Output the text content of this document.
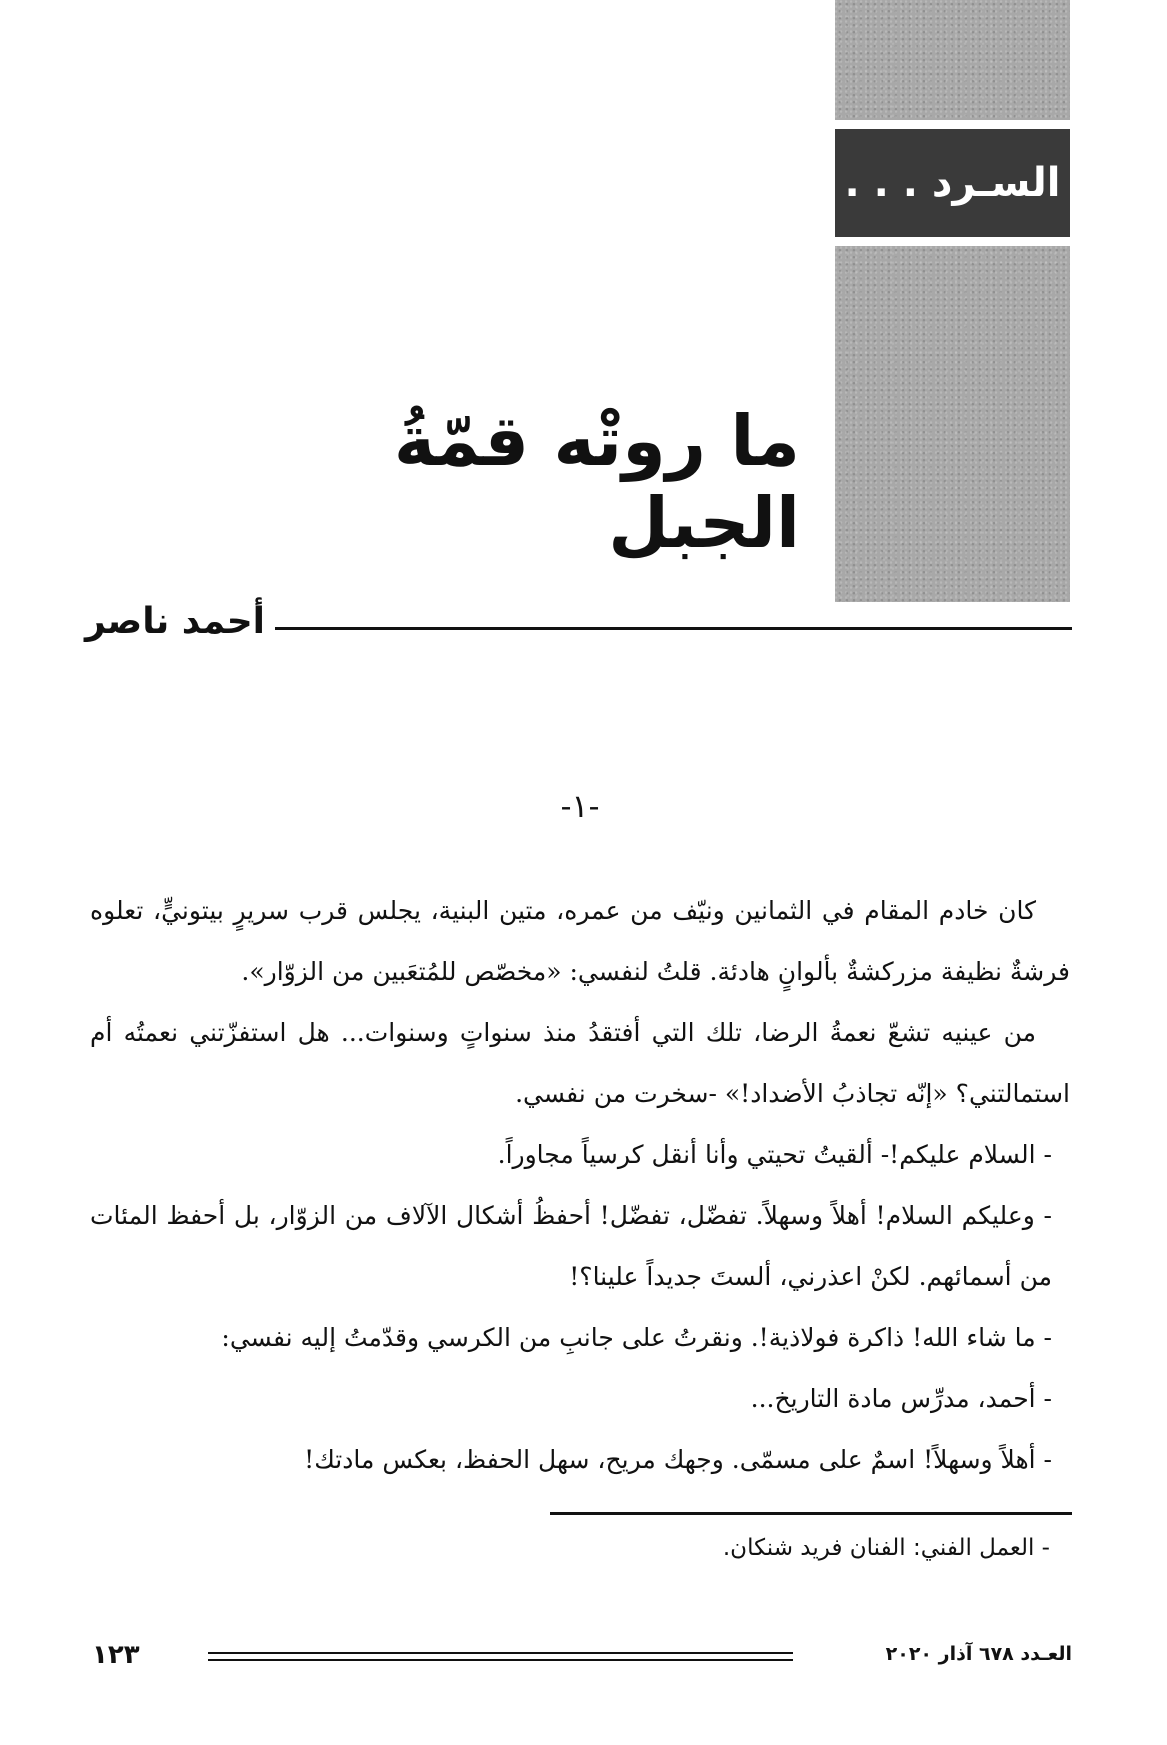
السـرد . . .
ما روتْه قمّةُ الجبل
أحمد ناصر
-١-

كان خادم المقام في الثمانين ونيّف من عمره، متين البنية، يجلس قرب سريرٍ بيتونيٍّ، تعلوه فرشةٌ نظيفة مزركشةٌ بألوانٍ هادئة. قلتُ لنفسي: «مخصّص للمُتعَبين من الزوّار».

من عينيه تشعّ نعمةُ الرضا، تلك التي أفتقدُ منذ سنواتٍ وسنوات... هل استفزّتني نعمتُه أم استمالتني؟ «إنّه تجاذبُ الأضداد!» -سخرت من نفسي.

- السلام عليكم!- ألقيتُ تحيتي وأنا أنقل كرسياً مجاوراً.

- وعليكم السلام! أهلاً وسهلاً. تفضّل، تفضّل! أحفظُ أشكال الآلاف من الزوّار، بل أحفظ المئات من أسمائهم. لكنْ اعذرني، ألستَ جديداً علينا؟!

- ما شاء الله! ذاكرة فولاذية!. ونقرتُ على جانبِ من الكرسي وقدّمتُ إليه نفسي:

- أحمد، مدرِّس مادة التاريخ...

- أهلاً وسهلاً! اسمٌ على مسمّى. وجهك مريح، سهل الحفظ، بعكس مادتك!

- العمل الفني: الفنان فريد شنكان.
١٢٣	العـدد ٦٧٨ آذار ٢٠٢٠
